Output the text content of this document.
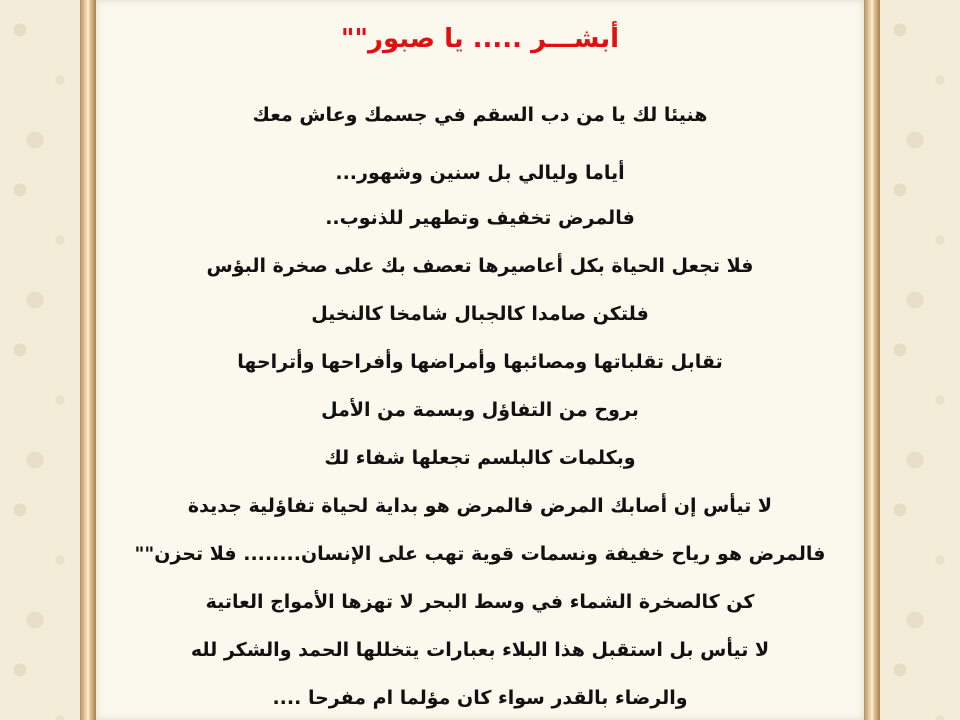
أبشـــر ..... يا صبور""
هنيئا لك يا من دب السقم في جسمك وعاش معك
أياما وليالي بل سنين وشهور...
فالمرض تخفيف وتطهير للذنوب..
فلا تجعل الحياة بكل أعاصيرها تعصف بك على صخرة البؤس
فلتكن صامدا كالجبال شامخا كالنخيل
تقابل تقلباتها ومصائبها وأمراضها وأفراحها وأتراحها
بروح من التفاؤل وبسمة من الأمل
وبكلمات كالبلسم تجعلها شفاء لك
لا تيأس إن أصابك المرض فالمرض هو بداية لحياة تفاؤلية جديدة
فالمرض هو رياح خفيفة ونسمات قوية تهب على الإنسان........ فلا تحزن""
كن كالصخرة الشماء في وسط البحر لا تهزها الأمواج العاتية
لا تيأس بل استقبل هذا البلاء بعبارات يتخللها الحمد والشكر لله
والرضاء بالقدر سواء كان مؤلما ام مفرحا ....
